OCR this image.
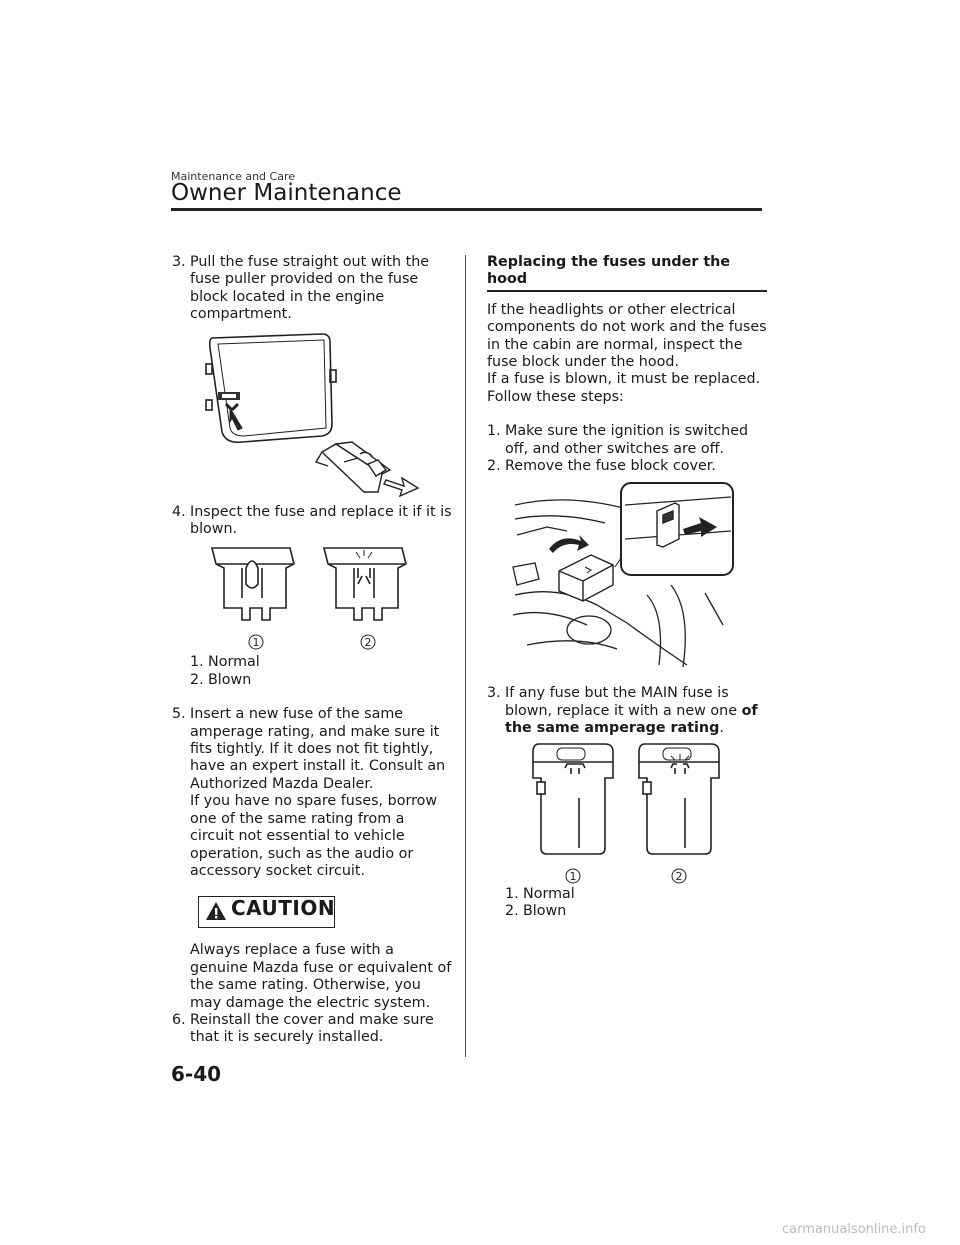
Maintenance and Care
Owner Maintenance
3. Pull the fuse straight out with the fuse puller provided on the fuse block located in the engine compartment.
4. Inspect the fuse and replace it if it is blown.
1	2
1. Normal
2. Blown
5. Insert a new fuse of the same amperage rating, and make sure it fits tightly. If it does not fit tightly, have an expert install it. Consult an Authorized Mazda Dealer.
If you have no spare fuses, borrow one of the same rating from a circuit not essential to vehicle operation, such as the audio or accessory socket circuit.
CAUTION
Always replace a fuse with a genuine Mazda fuse or equivalent of the same rating. Otherwise, you may damage the electric system.
6. Reinstall the cover and make sure that it is securely installed.
Replacing the fuses under the hood
If the headlights or other electrical components do not work and the fuses in the cabin are normal, inspect the fuse block under the hood.
If a fuse is blown, it must be replaced.
Follow these steps:
1. Make sure the ignition is switched off, and other switches are off.
2. Remove the fuse block cover.
3. If any fuse but the MAIN fuse is blown, replace it with a new one of the same amperage rating.
1	2
1. Normal
2. Blown
6-40
carmanualsonline.info
